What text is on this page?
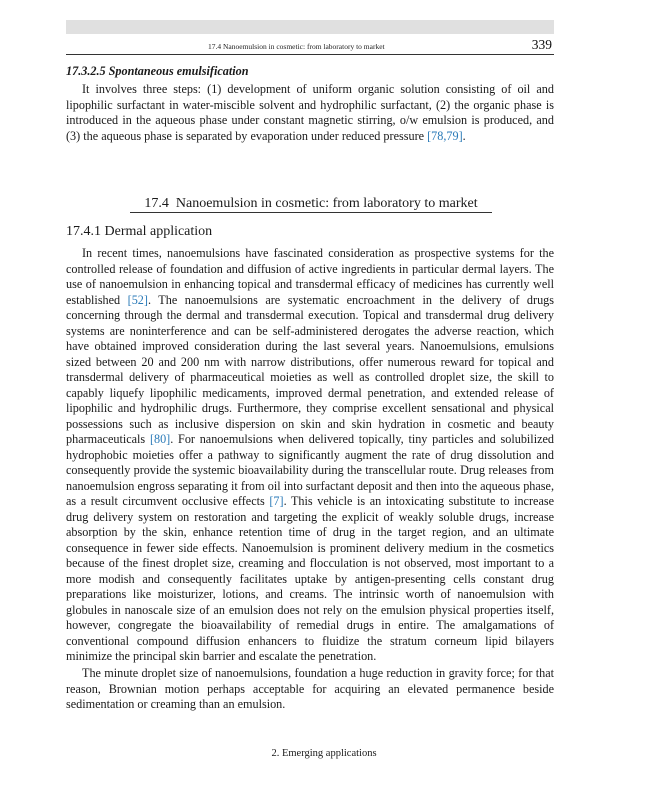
17.4 Nanoemulsion in cosmetic: from laboratory to market	339
17.3.2.5 Spontaneous emulsification

It involves three steps: (1) development of uniform organic solution consisting of oil and lipophilic surfactant in water-miscible solvent and hydrophilic surfactant, (2) the organic phase is introduced in the aqueous phase under constant magnetic stirring, o/w emulsion is produced, and (3) the aqueous phase is separated by evaporation under reduced pressure [78,79].

17.4 Nanoemulsion in cosmetic: from laboratory to market
17.4.1 Dermal application

In recent times, nanoemulsions have fascinated consideration as prospective systems for the controlled release of foundation and diffusion of active ingredients in particular dermal layers. The use of nanoemulsion in enhancing topical and transdermal efficacy of medicines has currently well established [52]. The nanoemulsions are systematic encroachment in the delivery of drugs concerning through the dermal and transdermal execution. Topical and transdermal drug delivery systems are noninterference and can be self-administered derogates the adverse reaction, which have obtained improved consideration during the last several years. Nanoemulsions, emulsions sized between 20 and 200 nm with narrow distributions, offer numerous reward for topical and transdermal delivery of pharmaceutical moieties as well as controlled droplet size, the skill to capably liquefy lipophilic medicaments, improved dermal penetration, and extended release of lipophilic and hydrophilic drugs. Furthermore, they comprise excellent sensational and physical possessions such as inclusive dispersion on skin and skin hydration in cosmetic and beauty pharmaceuticals [80]. For nanoemulsions when delivered topically, tiny particles and solubilized hydrophobic moieties offer a pathway to significantly augment the rate of drug dissolution and consequently provide the systemic bioavailability during the transcellular route. Drug releases from nanoemulsion engross separating it from oil into surfactant deposit and then into the aqueous phase, as a result circumvent occlusive effects [7]. This vehicle is an intoxicating substitute to increase drug delivery system on restoration and targeting the explicit of weakly soluble drugs, increase absorption by the skin, enhance retention time of drug in the target region, and an ultimate consequence in fewer side effects. Nanoemulsion is prominent delivery medium in the cosmetics because of the finest droplet size, creaming and flocculation is not observed, most important to a more modish and consequently facilitates uptake by antigen-presenting cells constant drug preparations like moisturizer, lotions, and creams. The intrinsic worth of nanoemulsion with globules in nanoscale size of an emulsion does not rely on the emulsion physical properties itself, however, congregate the bioavailability of remedial drugs in entire. The amalgamations of conventional compound diffusion enhancers to fluidize the stratum corneum lipid bilayers minimize the principal skin barrier and escalate the penetration.

The minute droplet size of nanoemulsions, foundation a huge reduction in gravity force; for that reason, Brownian motion perhaps acceptable for acquiring an elevated permanence beside sedimentation or creaming than an emulsion.

2. Emerging applications
